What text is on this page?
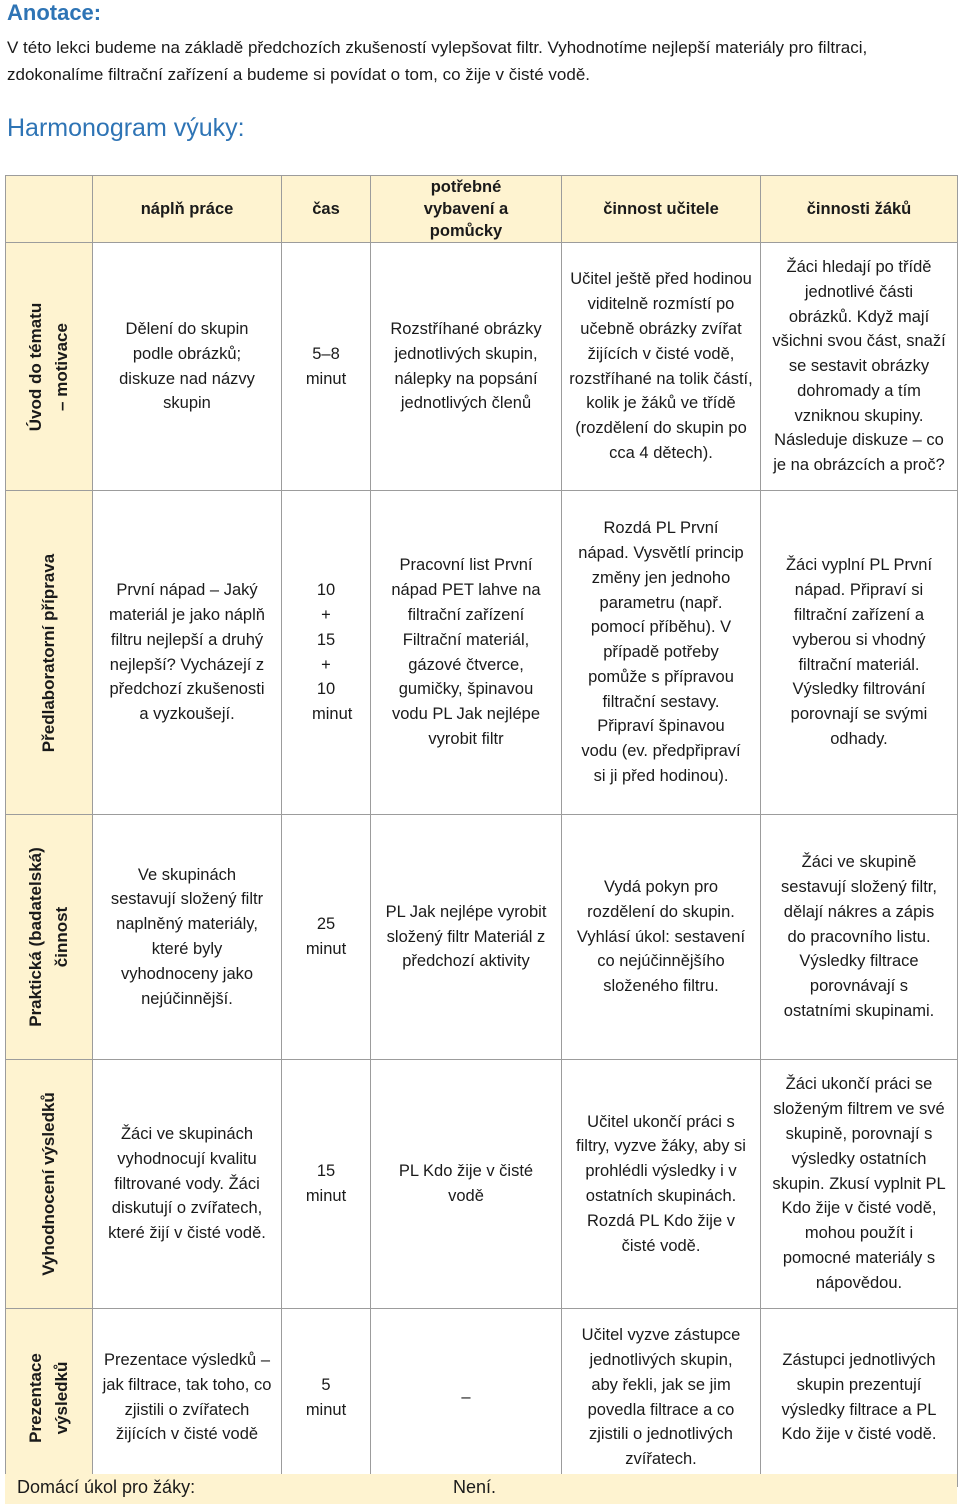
Anotace:

V této lekci budeme na základě předchozích zkušeností vylepšovat filtr. Vyhodnotíme nejlepší materiály pro filtraci, zdokonalíme filtrační zařízení a budeme si povídat o tom, co žije v čisté vodě.

Harmonogram výuky:
	náplň práce	čas	potřebné vybavení a pomůcky	činnost učitele	činnosti žáků

Úvod do tématu – motivace	Dělení do skupin podle obrázků; diskuze nad názvy skupin	5–8 minut	Rozstříhané obrázky jednotlivých skupin, nálepky na popsání jednotlivých členů	Učitel ještě před hodinou viditelně rozmístí po učebně obrázky zvířat žijících v čisté vodě, rozstříhané na tolik částí, kolik je žáků ve třídě (rozdělení do skupin po cca 4 dětech).	Žáci hledají po třídě jednotlivé části obrázků. Když mají všichni svou část, snaží se sestavit obrázky dohromady a tím vzniknou skupiny. Následuje diskuze – co je na obrázcích a proč?

Předlaboratorní příprava	První nápad – Jaký materiál je jako náplň filtru nejlepší a druhý nejlepší? Vycházejí z předchozí zkušenosti a vyzkoušejí.	10 + 15 + 10 minut	Pracovní list První nápad PET lahve na filtrační zařízení Filtrační materiál, gázové čtverce, gumičky, špinavou vodu PL Jak nejlépe vyrobit filtr	Rozdá PL První nápad. Vysvětlí princip změny jen jednoho parametru (např. pomocí příběhu). V případě potřeby pomůže s přípravou filtrační sestavy. Připraví špinavou vodu (ev. předpřipraví si ji před hodinou).	Žáci vyplní PL První nápad. Připraví si filtrační zařízení a vyberou si vhodný filtrační materiál. Výsledky filtrování porovnají se svými odhady.

Praktická (badatelská) činnost	Ve skupinách sestavují složený filtr naplněný materiály, které byly vyhodnoceny jako nejúčinnější.	25 minut	PL Jak nejlépe vyrobit složený filtr Materiál z předchozí aktivity	Vydá pokyn pro rozdělení do skupin. Vyhlásí úkol: sestavení co nejúčinnějšího složeného filtru.	Žáci ve skupině sestavují složený filtr, dělají nákres a zápis do pracovního listu. Výsledky filtrace porovnávají s ostatními skupinami.

Vyhodnocení výsledků	Žáci ve skupinách vyhodnocují kvalitu filtrované vody. Žáci diskutují o zvířatech, které žijí v čisté vodě.	15 minut	PL Kdo žije v čisté vodě	Učitel ukončí práci s filtry, vyzve žáky, aby si prohlédli výsledky i v ostatních skupinách. Rozdá PL Kdo žije v čisté vodě.	Žáci ukončí práci se složeným filtrem ve své skupině, porovnají s výsledky ostatních skupin. Zkusí vyplnit PL Kdo žije v čisté vodě, mohou použít i pomocné materiály s nápovědou.

Prezentace výsledků	Prezentace výsledků – jak filtrace, tak toho, co zjistili o zvířatech žijících v čisté vodě	5 minut	–	Učitel vyzve zástupce jednotlivých skupin, aby řekli, jak se jim povedla filtrace a co zjistili o jednotlivých zvířatech.	Zástupci jednotlivých skupin prezentují výsledky filtrace a PL Kdo žije v čisté vodě.
Domácí úkol pro žáky:	Není.
